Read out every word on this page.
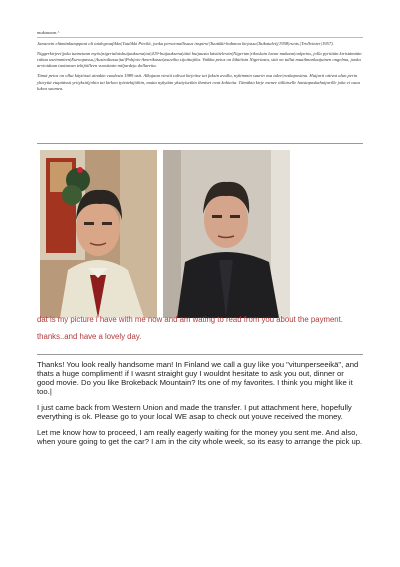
mukanaan.^

Jamsovin elämänkumppani oli taidegraafikko|Tuulikki Pietilä, jonka persoonallisuus inspiroi|Tuutikki-hahmoa kirjassa|Taikatalvi|(1958|ruots.|Trollvinter|1957).

Niggerkirjeet|joka tunnetaan myös|nigerialaishuijauksena|tai|419-huijauksena|tätä huijausta käsittelevän|Nigerian|rikoslain luvun mukaan|onlpetos, jolla pyritään kiristämään rahaa useimmiten|Euroopassa,|Australiassa|tai|Pohjois-Amerikassa|asuvilta sijoittajilta. Vaikka petos on lähtöisin Nigeriasta, sitä on tullut maailmanlaajuinen ongelma, jonka arvioidaan tuottavan tekijöilleen vuosittain miljardeja dollareita.

Tämä petos on ollut käytössä ainakin vuodesta 1989 asti. Alkujaan viestit tulivat kirjeitse tai faksin avulla, nykimmin suurin osa tulee|roskapostina. Huijarit ottivat alun perin yhteyttä etupäässä yrityksiä|johin tai kirkon työntekijöihin, mutta nykyään yksityisetkin ihmiset ovat kohteita. Tämäkin kirje menee tällaiselle haistapaskahuijarille joka ei osaa lukea suomea.

dat is my picture i have with me now and am wating to read from you about the payment.

thanks..and have a lovely day.

Thanks! You look really handsome man! In Finland we call a guy like you "vitunperseeikä", and thats a huge compliment! if I wasnt straight guy I wouldnt hesitate to ask you out, dinner or good movie. Do you like Brokeback Mountain? Its one of my favorites. I think you might like it too.|

I just came back from Western Union and made the transfer. I put attachment here, hopefully everything is ok. Please go to your local WE asap to check out youve received the money.

Let me know how to proceed, I am really eagerly waiting for the money you sent me. And also, when youre going to get the car? I am in the city whole week, so its easy to arrange the pick up.
